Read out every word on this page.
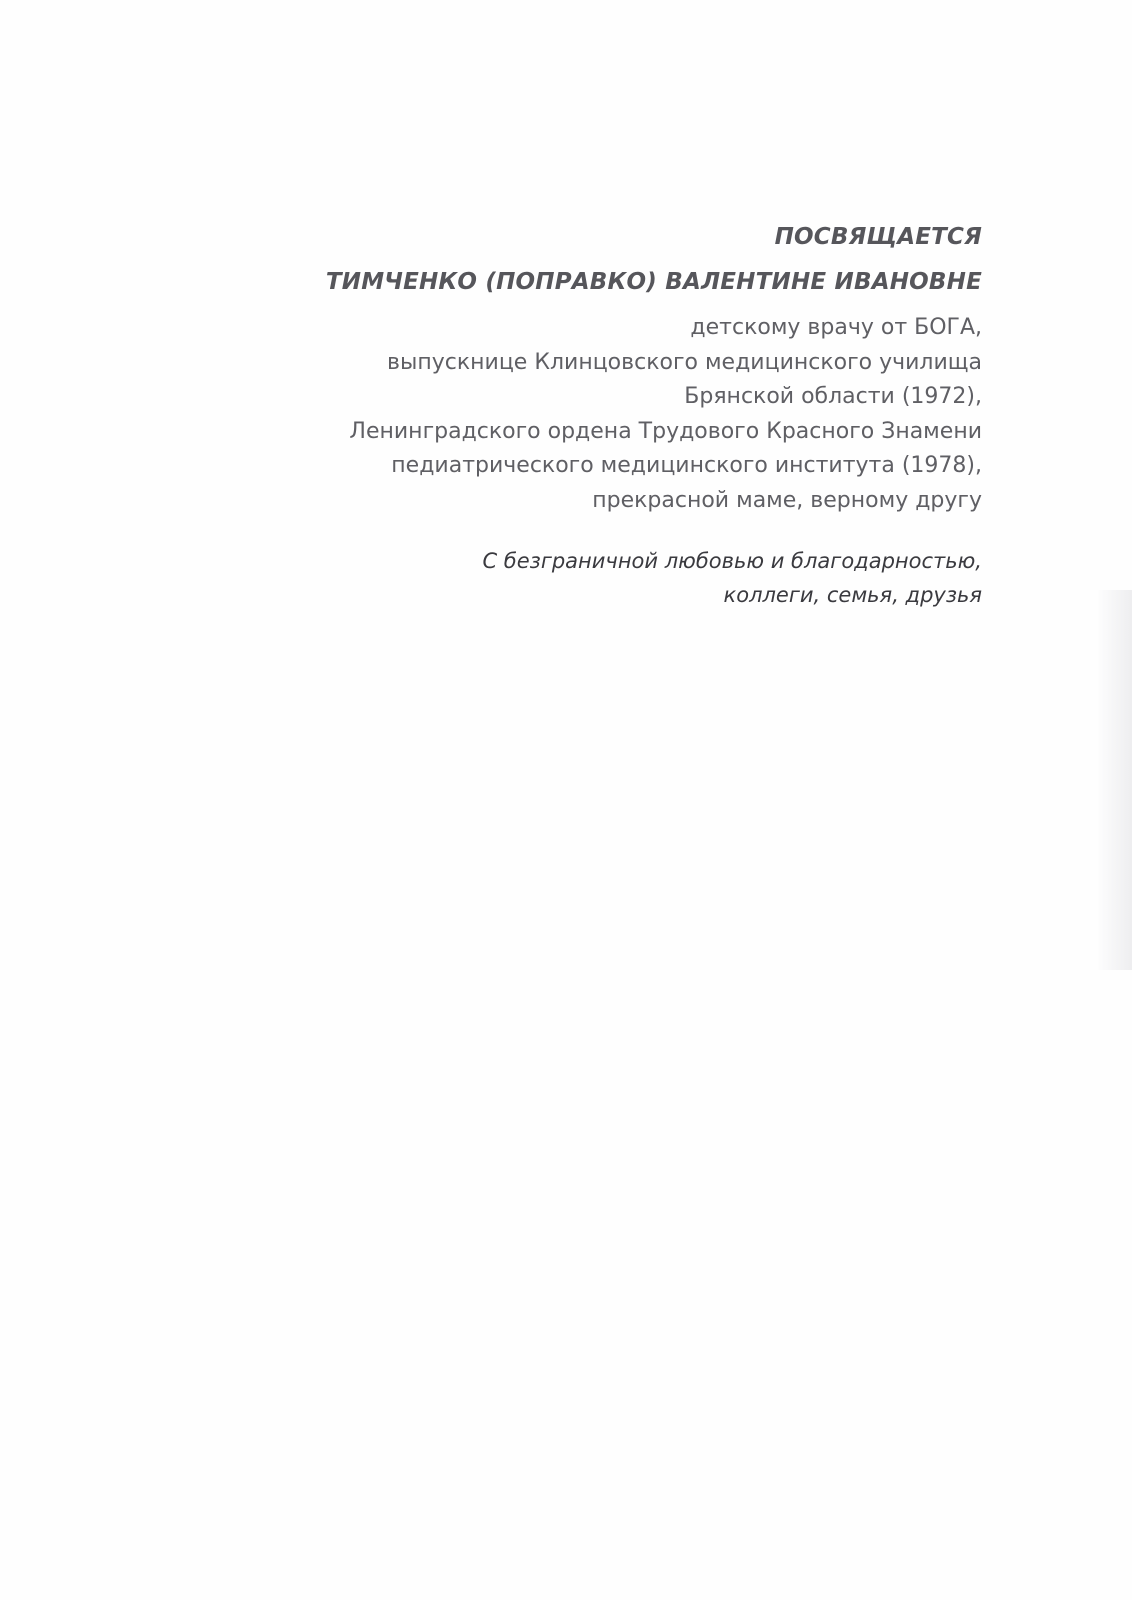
ПОСВЯЩАЕТСЯ

ТИМЧЕНКО (ПОПРАВКО) ВАЛЕНТИНЕ ИВАНОВНЕ

детскому врачу от БОГА,
выпускнице Клинцовского медицинского училища
Брянской области (1972),
Ленинградского ордена Трудового Красного Знамени
педиатрического медицинского института (1978),
прекрасной маме, верному другу

С безграничной любовью и благодарностью,
коллеги, семья, друзья
